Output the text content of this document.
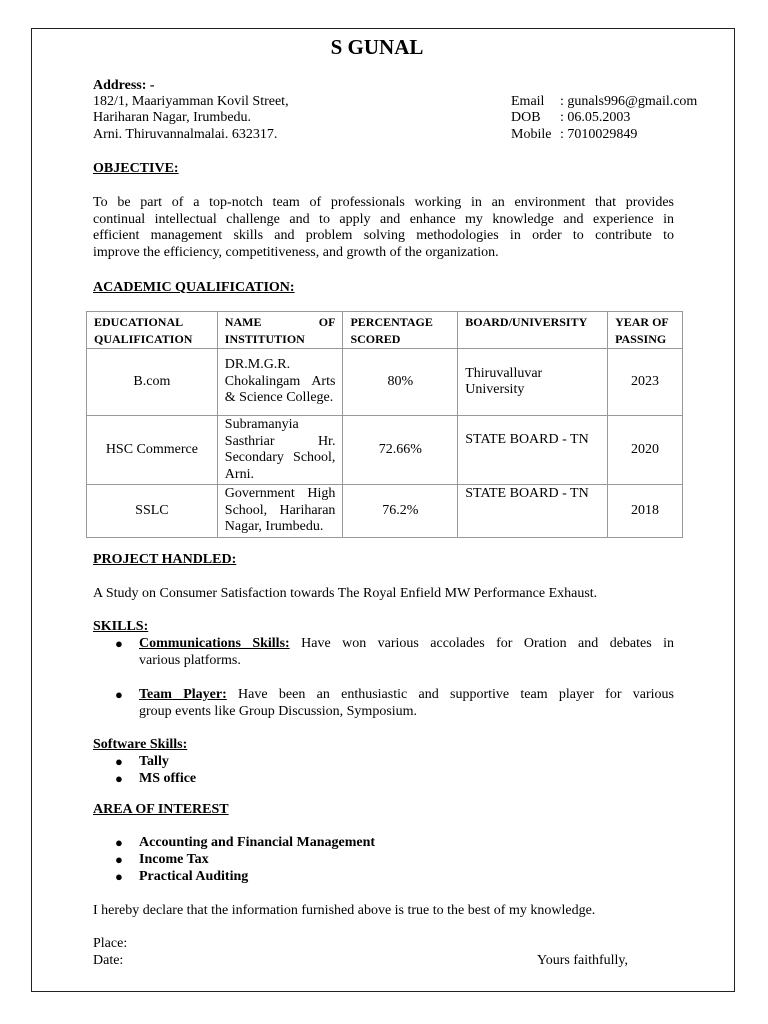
S GUNAL
Address: -
182/1, Maariyamman Kovil Street,
Hariharan Nagar, Irumbedu.
Arni. Thiruvannalmalai. 632317.
Email : gunals996@gmail.com
DOB : 06.05.2003
Mobile : 7010029849
OBJECTIVE:
To be part of a top-notch team of professionals working in an environment that provides
continual intellectual challenge and to apply and enhance my knowledge and experience in
efficient management skills and problem solving methodologies in order to contribute to
improve the efficiency, competitiveness, and growth of the organization.
ACADEMIC QUALIFICATION:
EDUCATIONAL QUALIFICATION	NAME OF INSTITUTION	PERCENTAGE SCORED	BOARD/UNIVERSITY	YEAR OF PASSING
B.com	DR.M.G.R. Chokalingam Arts & Science College.	80%	Thiruvalluvar University	2023
HSC Commerce	Subramanyia Sasthriar Hr. Secondary School, Arni.	72.66%	STATE BOARD - TN	2020
SSLC	Government High School, Hariharan Nagar, Irumbedu.	76.2%	STATE BOARD - TN	2018
PROJECT HANDLED:
A Study on Consumer Satisfaction towards The Royal Enfield MW Performance Exhaust.
SKILLS:
● Communications Skills: Have won various accolades for Oration and debates in
various platforms.
● Team Player: Have been an enthusiastic and supportive team player for various
group events like Group Discussion, Symposium.
Software Skills:
● Tally
● MS office
AREA OF INTEREST
● Accounting and Financial Management
● Income Tax
● Practical Auditing
I hereby declare that the information furnished above is true to the best of my knowledge.
Place:
Date:	Yours faithfully,
